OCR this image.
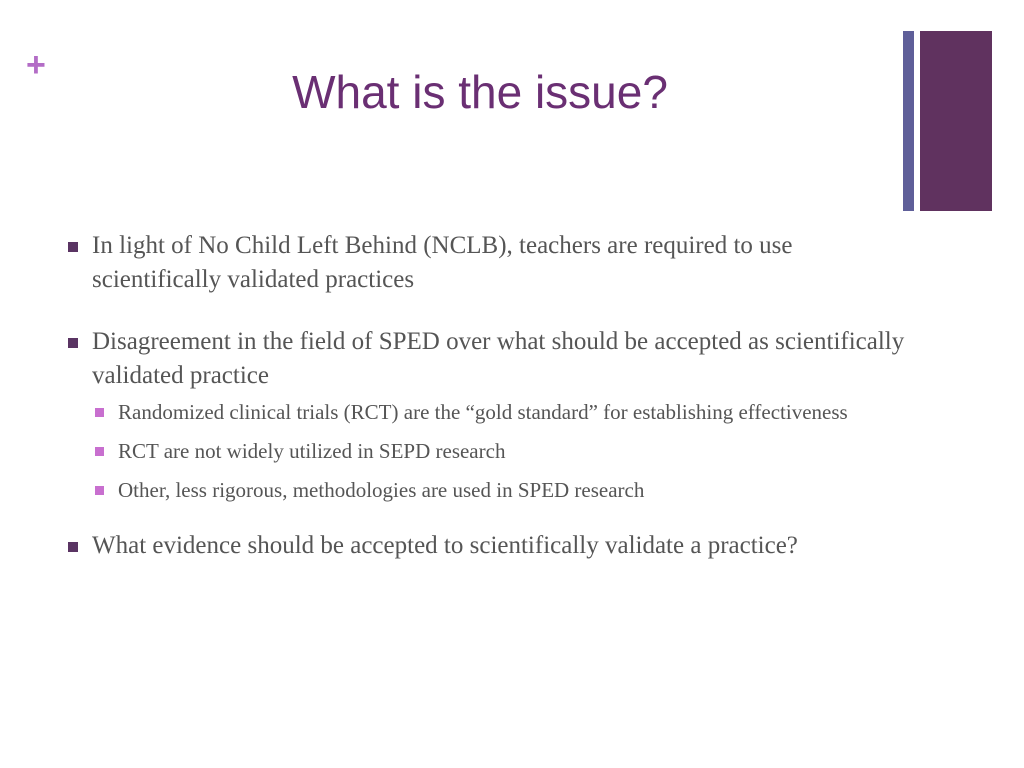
+
What is the issue?
In light of No Child Left Behind (NCLB), teachers are required to use scientifically validated practices
Disagreement in the field of SPED over what should be accepted as scientifically validated practice
Randomized clinical trials (RCT) are the “gold standard” for establishing effectiveness
RCT are not widely utilized in SEPD research
Other, less rigorous, methodologies are used in SPED research
What evidence should be accepted to scientifically validate a practice?
